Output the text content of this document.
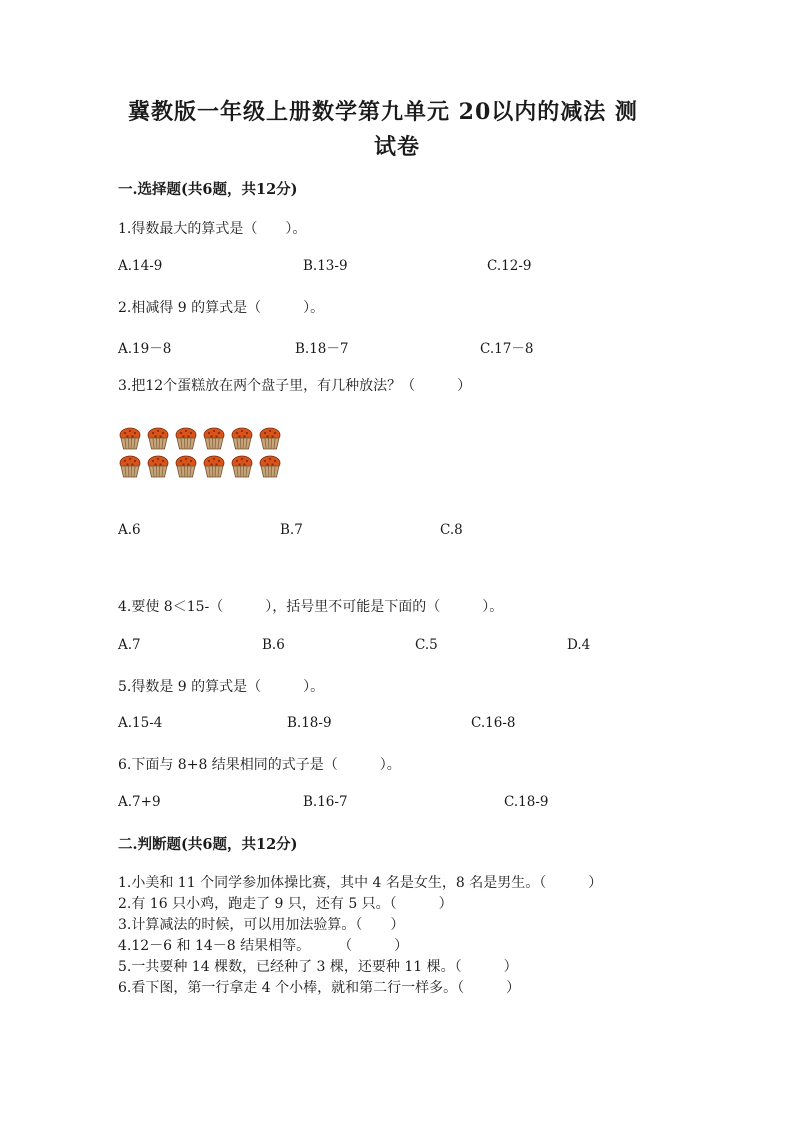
冀教版一年级上册数学第九单元 20以内的减法 测
试卷
一.选择题(共6题，共12分)
1.得数最大的算式是（　　）。
A.14-9	B.13-9	C.12-9
2.相减得 9 的算式是（　　　）。
A.19－8	B.18－7	C.17－8
3.把12个蛋糕放在两个盘子里，有几种放法？（　　　）
A.6	B.7	C.8
4.要使 8＜15-（　　　），括号里不可能是下面的（　　　）。
A.7	B.6	C.5	D.4
5.得数是 9 的算式是（　　　）。
A.15-4	B.18-9	C.16-8
6.下面与 8+8 结果相同的式子是（　　　）。
A.7+9	B.16-7	C.18-9
二.判断题(共6题，共12分)
1.小美和 11 个同学参加体操比赛，其中 4 名是女生，8 名是男生。（　　　）
2.有 16 只小鸡，跑走了 9 只，还有 5 只。（　　　）
3.计算减法的时候，可以用加法验算。（　　）
4.12－6 和 14－8 结果相等。　　　（　　　）
5.一共要种 14 棵数，已经种了 3 棵，还要种 11 棵。（　　　）
6.看下图，第一行拿走 4 个小棒，就和第二行一样多。（　　　）
